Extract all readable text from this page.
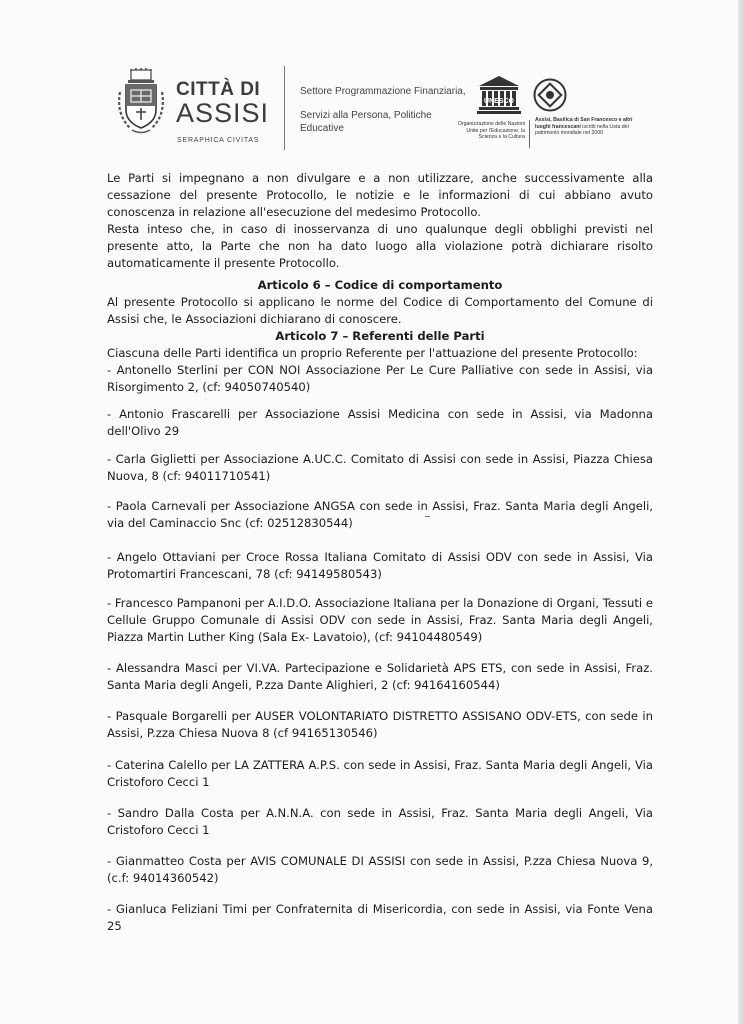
CITTÀ DI
ASSISI
SERAPHICA CIVITAS
Settore Programmazione Finanziaria,
Servizi alla Persona, Politiche Educative
UNESCO
Organizzazione delle Nazioni Unite per l'Educazione, la Scienza e la Cultura
Assisi, Basilica di San Francesco e altri luoghi francescani iscritti nella Lista del patrimonio mondiale nel 2000

Le Parti si impegnano a non divulgare e a non utilizzare, anche successivamente alla cessazione del presente Protocollo, le notizie e le informazioni di cui abbiano avuto conoscenza in relazione all'esecuzione del medesimo Protocollo.

Resta inteso che, in caso di inosservanza di uno qualunque degli obblighi previsti nel presente atto, la Parte che non ha dato luogo alla violazione potrà dichiarare risolto automaticamente il presente Protocollo.

Articolo 6 – Codice di comportamento

Al presente Protocollo si applicano le norme del Codice di Comportamento del Comune di Assisi che, le Associazioni dichiarano di conoscere.

Articolo 7 – Referenti delle Parti

Ciascuna delle Parti identifica un proprio Referente per l'attuazione del presente Protocollo:

- Antonello Sterlini per CON NOI Associazione Per Le Cure Palliative con sede in Assisi, via Risorgimento 2, (cf: 94050740540)

- Antonio Frascarelli per Associazione Assisi Medicina con sede in Assisi, via Madonna dell'Olivo 29

- Carla Giglietti per Associazione A.UC.C. Comitato di Assisi con sede in Assisi, Piazza Chiesa Nuova, 8 (cf: 94011710541)

- Paola Carnevali per Associazione ANGSA con sede in Assisi, Fraz. Santa Maria degli Angeli, via del Caminaccio Snc (cf: 02512830544)

- Angelo Ottaviani per Croce Rossa Italiana Comitato di Assisi ODV con sede in Assisi, Via Protomartiri Francescani, 78 (cf: 94149580543)

- Francesco Pampanoni per A.I.D.O. Associazione Italiana per la Donazione di Organi, Tessuti e Cellule Gruppo Comunale di Assisi ODV con sede in Assisi, Fraz. Santa Maria degli Angeli, Piazza Martin Luther King (Sala Ex- Lavatoio), (cf: 94104480549)

- Alessandra Masci per VI.VA. Partecipazione e Solidarietà APS ETS, con sede in Assisi, Fraz. Santa Maria degli Angeli, P.zza Dante Alighieri, 2 (cf: 94164160544)

- Pasquale Borgarelli per AUSER VOLONTARIATO DISTRETTO ASSISANO ODV-ETS, con sede in Assisi, P.zza Chiesa Nuova 8 (cf 94165130546)

- Caterina Calello per LA ZATTERA A.P.S. con sede in Assisi, Fraz. Santa Maria degli Angeli, Via Cristoforo Cecci 1

- Sandro Dalla Costa per A.N.N.A. con sede in Assisi, Fraz. Santa Maria degli Angeli, Via Cristoforo Cecci 1

- Gianmatteo Costa per AVIS COMUNALE DI ASSISI con sede in Assisi, P.zza Chiesa Nuova 9, (c.f: 94014360542)

- Gianluca Feliziani Timi per Confraternita di Misericordia, con sede in Assisi, via Fonte Vena 25
